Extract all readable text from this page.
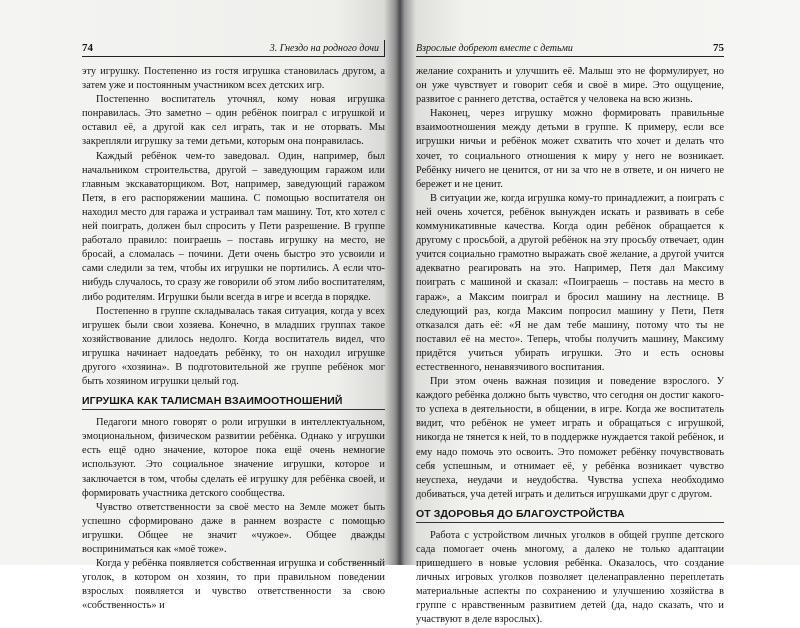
74	3. Гнездо на родного дочи

эту игрушку. Постепенно из гостя игрушка становилась другом, а затем уже и постоянным участником всех детских игр.

Постепенно воспитатель уточнял, кому новая игрушка понравилась. Это заметно – один ребёнок поиграл с игрушкой и оставил её, а другой как сел играть, так и не оторвать. Мы закрепляли игрушку за теми детьми, которым она понравилась.

Каждый ребёнок чем-то заведовал. Один, например, был начальником строительства, другой – заведующим гаражом или главным экскаваторщиком. Вот, например, заведующий гаражом Петя, в его распоряжении машина. С помощью воспитателя он находил место для гаража и устраивал там машину. Тот, кто хотел с ней поиграть, должен был спросить у Пети разрешение. В группе работало правило: поиграешь – поставь игрушку на место, не бросай, а сломалась – почини. Дети очень быстро это усвоили и сами следили за тем, чтобы их игрушки не портились. А если что-нибудь случалось, то сразу же говорили об этом либо воспитателям, либо родителям. Игрушки были всегда в игре и всегда в порядке.

Постепенно в группе складывалась такая ситуация, когда у всех игрушек были свои хозяева. Конечно, в младших группах такое хозяйствование длилось недолго. Когда воспитатель видел, что игрушка начинает надоедать ребёнку, то он находил игрушке другого «хозяина». В подготовительной же группе ребёнок мог быть хозяином игрушки целый год.

ИГРУШКА КАК ТАЛИСМАН ВЗАИМООТНОШЕНИЙ

Педагоги много говорят о роли игрушки в интеллектуальном, эмоциональном, физическом развитии ребёнка. Однако у игрушки есть ещё одно значение, которое пока ещё очень немногие используют. Это социальное значение игрушки, которое и заключается в том, чтобы сделать её игрушку для ребёнка своей, и формировать участника детского сообщества.

Чувство ответственности за своё место на Земле может быть успешно сформировано даже в раннем возрасте с помощью игрушки. Общее не значит «чужое». Общее дважды восприниматься как «моё тоже».

Когда у ребёнка появляется собственная игрушка и собственный уголок, в котором он хозяин, то при правильном поведении взрослых появляется и чувство ответственности за свою «собственность» и

Взрослые добреют вместе с детьми	75

желание сохранить и улучшить её. Малыш это не формулирует, но он уже чувствует и говорит себя и своё в мире. Это ощущение, развитое с раннего детства, остаётся у человека на всю жизнь.

Наконец, через игрушку можно формировать правильные взаимоотношения между детьми в группе. К примеру, если все игрушки ничьи и ребёнок может схватить что хочет и делать что хочет, то социального отношения к миру у него не возникает. Ребёнку ничего не ценится, от ни за что не в ответе, и он ничего не бережет и не ценит.

В ситуации же, когда игрушка кому-то принадлежит, а поиграть с ней очень хочется, ребёнок вынужден искать и развивать в себе коммуникативные качества. Когда один ребёнок обращается к другому с просьбой, а другой ребёнок на эту просьбу отвечает, один учится социально грамотно выражать своё желание, а другой учится адекватно реагировать на это. Например, Петя дал Максиму поиграть с машиной и сказал: «Поиграешь – поставь на место в гараж», а Максим поиграл и бросил машину на лестнице. В следующий раз, когда Максим попросил машину у Пети, Петя отказался дать её: «Я не дам тебе машину, потому что ты не поставил её на место». Теперь, чтобы получить машину, Максиму придётся учиться убирать игрушки. Это и есть основы естественного, ненавязчивого воспитания.

При этом очень важная позиция и поведение взрослого. У каждого ребёнка должно быть чувство, что сегодня он достиг какого-то успеха в деятельности, в общении, в игре. Когда же воспитатель видит, что ребёнок не умеет играть и обращаться с игрушкой, никогда не тянется к ней, то в поддержке нуждается такой ребёнок, и ему надо помочь это освоить. Это поможет ребёнку почувствовать себя успешным, и отнимает её, у ребёнка возникает чувство неуспеха, неудачи и неудобства. Чувства успеха необходимо добиваться, уча детей играть и делиться игрушками друг с другом.

ОТ ЗДОРОВЬЯ ДО БЛАГОУСТРОЙСТВА

Работа с устройством личных уголков в общей группе детского сада помогает очень многому, а далеко не только адаптации пришедшего в новые условия ребёнка. Оказалось, что создание личных игровых уголков позволяет целенаправленно переплетать материальные аспекты по сохранению и улучшению хозяйства в группе с нравственным развитием детей (да, надо сказать, что и участвуют в деле взрослых).
